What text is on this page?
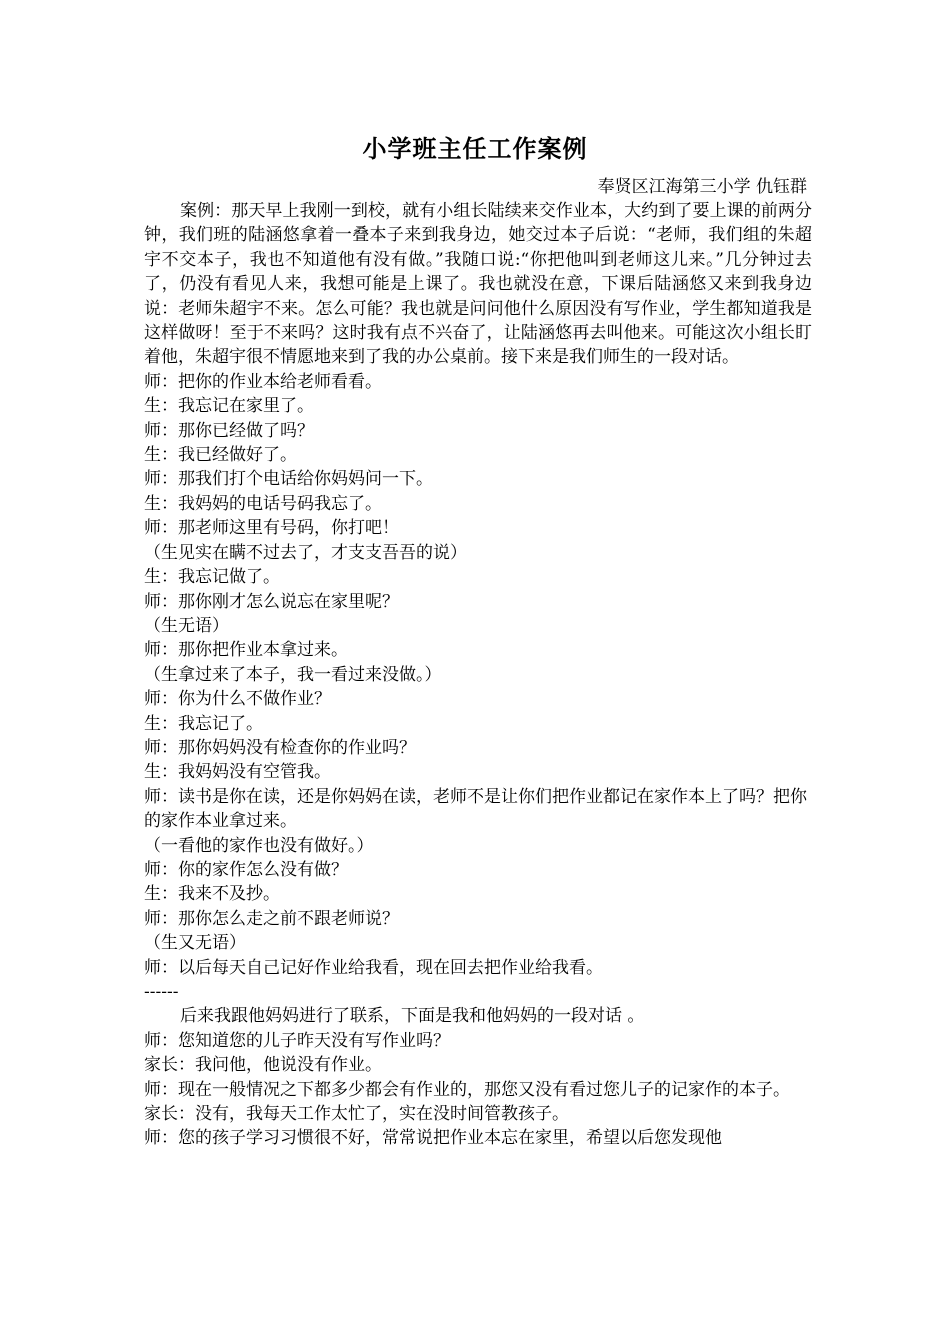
小学班主任工作案例
奉贤区江海第三小学 仇钰群

案例：那天早上我刚一到校，就有小组长陆续来交作业本，大约到了要上课的前两分钟，我们班的陆涵悠拿着一叠本子来到我身边，她交过本子后说：“老师，我们组的朱超宇不交本子，我也不知道他有没有做。”我随口说:“你把他叫到老师这儿来。”几分钟过去了，仍没有看见人来，我想可能是上课了。我也就没在意，下课后陆涵悠又来到我身边说：老师朱超宇不来。怎么可能？我也就是问问他什么原因没有写作业，学生都知道我是这样做呀！至于不来吗？这时我有点不兴奋了，让陆涵悠再去叫他来。可能这次小组长盯着他，朱超宇很不情愿地来到了我的办公桌前。接下来是我们师生的一段对话。

师：把你的作业本给老师看看。

生：我忘记在家里了。

师：那你已经做了吗？

生：我已经做好了。

师：那我们打个电话给你妈妈问一下。

生：我妈妈的电话号码我忘了。

师：那老师这里有号码，你打吧！

（生见实在瞒不过去了，才支支吾吾的说）

生：我忘记做了。

师：那你刚才怎么说忘在家里呢？

（生无语）

师：那你把作业本拿过来。

（生拿过来了本子，我一看过来没做。）

师：你为什么不做作业？

生：我忘记了。

师：那你妈妈没有检查你的作业吗？

生：我妈妈没有空管我。

师：读书是你在读，还是你妈妈在读，老师不是让你们把作业都记在家作本上了吗？把你的家作本业拿过来。

（一看他的家作也没有做好。）

师：你的家作怎么没有做？

生：我来不及抄。

师：那你怎么走之前不跟老师说？

（生又无语）

师：以后每天自己记好作业给我看，现在回去把作业给我看。

------

后来我跟他妈妈进行了联系，下面是我和他妈妈的一段对话 。

师：您知道您的儿子昨天没有写作业吗？

家长：我问他，他说没有作业。

师：现在一般情况之下都多少都会有作业的，那您又没有看过您儿子的记家作的本子。

家长：没有，我每天工作太忙了，实在没时间管教孩子。

师：您的孩子学习习惯很不好，常常说把作业本忘在家里，希望以后您发现他
